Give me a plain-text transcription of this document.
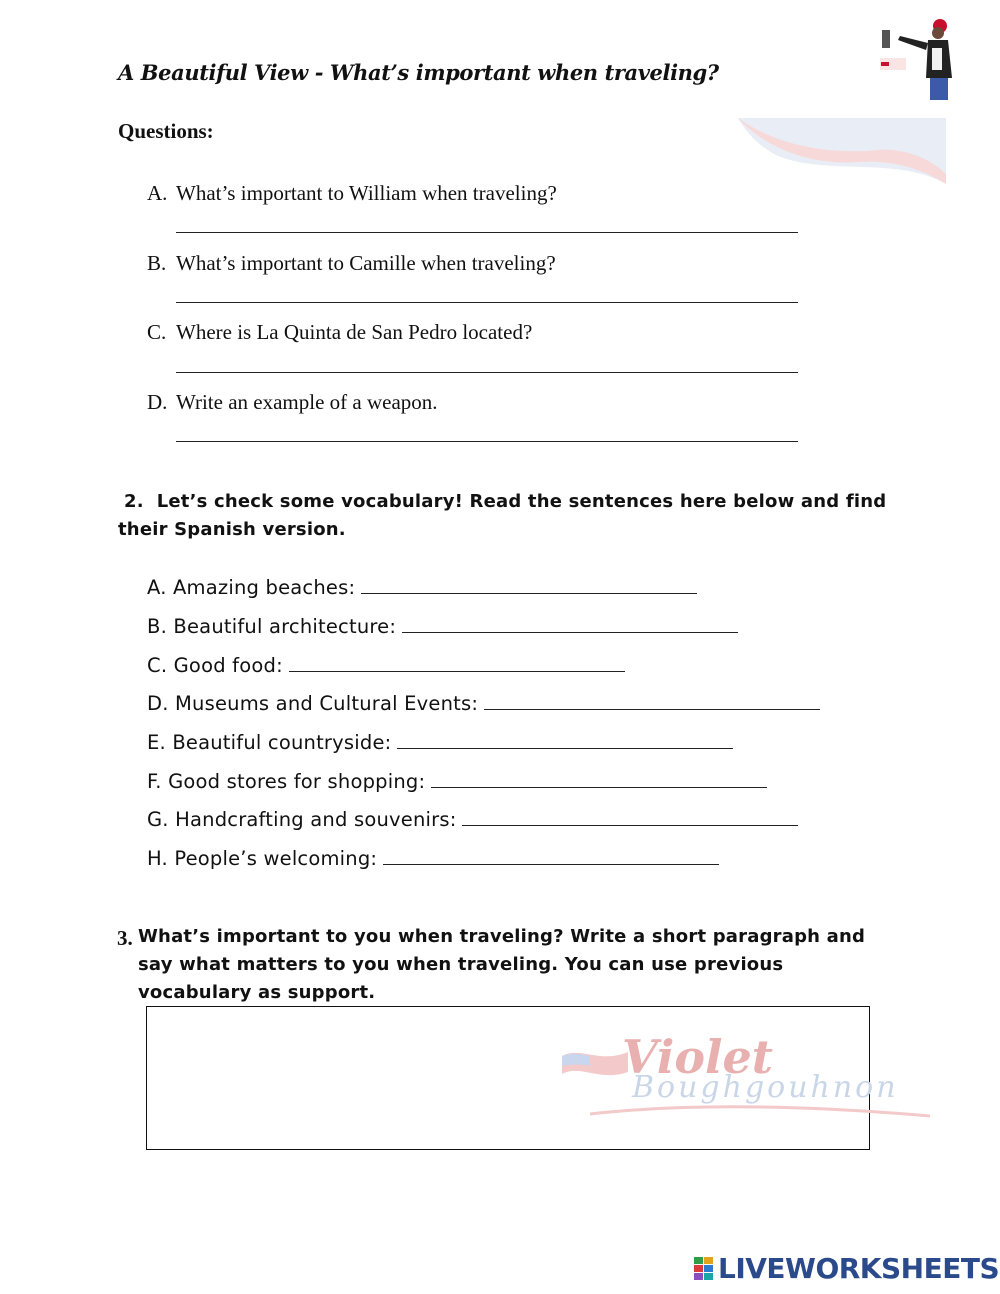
A Beautiful View - What’s important when traveling?
Questions:
A. What’s important to William when traveling?
B. What’s important to Camille when traveling?
C. Where is La Quinta de San Pedro located?
D. Write an example of a weapon.
2. Let’s check some vocabulary! Read the sentences here below and find their Spanish version.
A. Amazing beaches:
B. Beautiful architecture:
C. Good food:
D. Museums and Cultural Events:
E. Beautiful countryside:
F. Good stores for shopping:
G. Handcrafting and souvenirs:
H. People’s welcoming:
3. What’s important to you when traveling? Write a short paragraph and say what matters to you when traveling. You can use previous vocabulary as support.
Violet
Boughgouhnon
LIVEWORKSHEETS
